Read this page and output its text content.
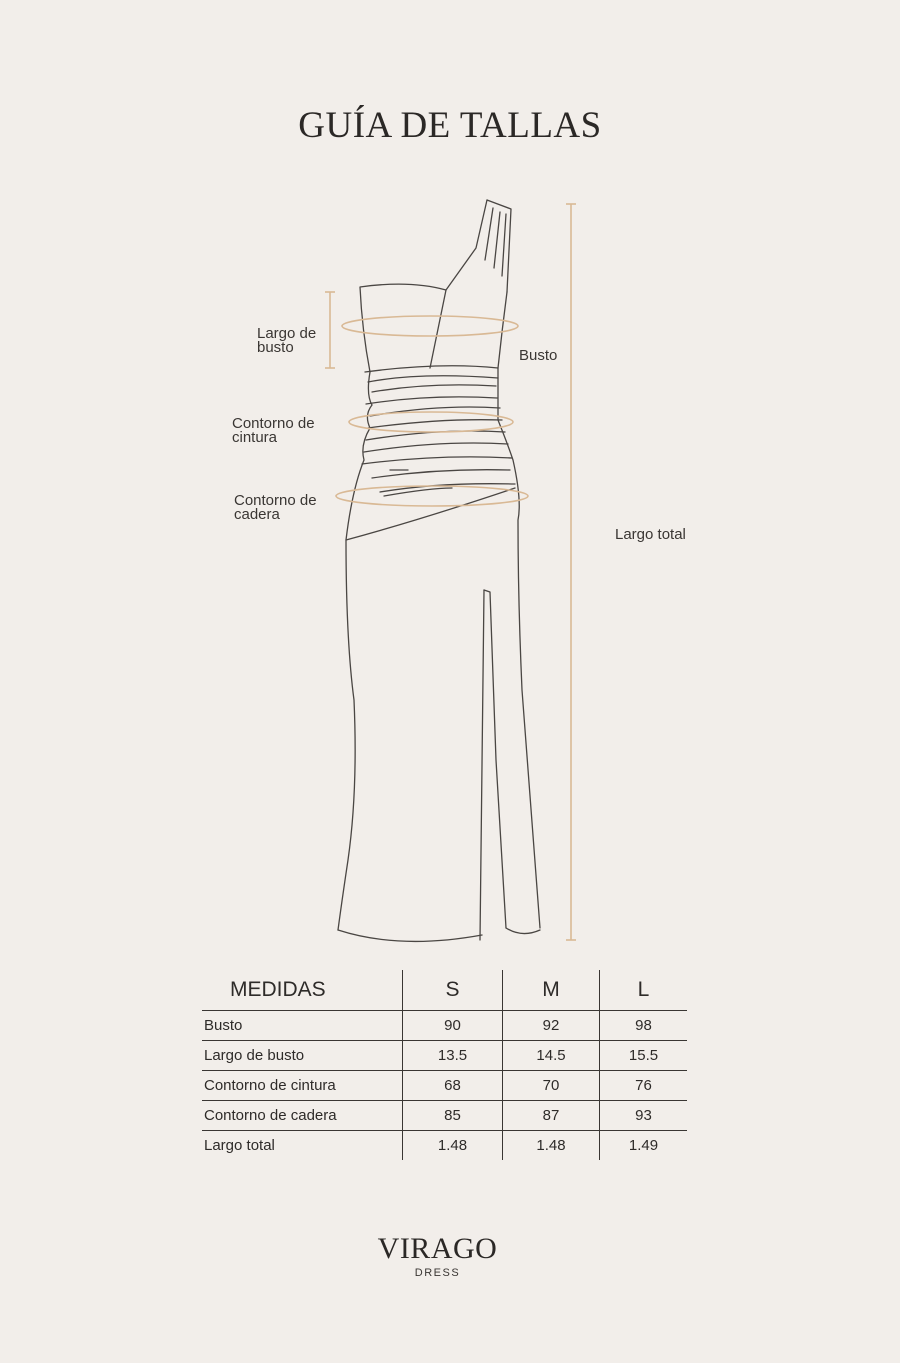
GUÍA DE TALLAS
Largo de
busto	Busto
Contorno de
cintura
Contorno de
cadera
Largo total
MEDIDAS	S	M	L
Busto	90	92	98
Largo de busto	13.5	14.5	15.5
Contorno de cintura	68	70	76
Contorno de cadera	85	87	93
Largo total	1.48	1.48	1.49
VIRAGO
DRESS
